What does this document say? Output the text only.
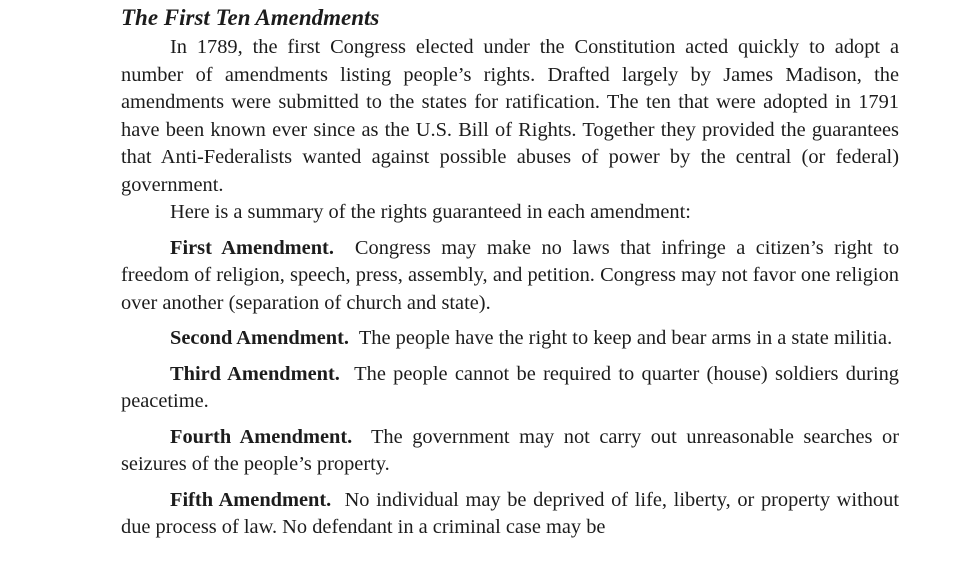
The First Ten Amendments

In 1789, the first Congress elected under the Constitution acted quickly to adopt a number of amendments listing people’s rights. Drafted largely by James Madison, the amendments were submitted to the states for ratification. The ten that were adopted in 1791 have been known ever since as the U.S. Bill of Rights. Together they provided the guarantees that Anti-Federalists wanted against possible abuses of power by the central (or federal) government.

Here is a summary of the rights guaranteed in each amendment:

First Amendment. Congress may make no laws that infringe a citizen’s right to freedom of religion, speech, press, assembly, and petition. Congress may not favor one religion over another (separation of church and state).

Second Amendment. The people have the right to keep and bear arms in a state militia.

Third Amendment. The people cannot be required to quarter (house) soldiers during peacetime.

Fourth Amendment. The government may not carry out unreasonable searches or seizures of the people’s property.

Fifth Amendment. No individual may be deprived of life, liberty, or property without due process of law. No defendant in a criminal case may be
